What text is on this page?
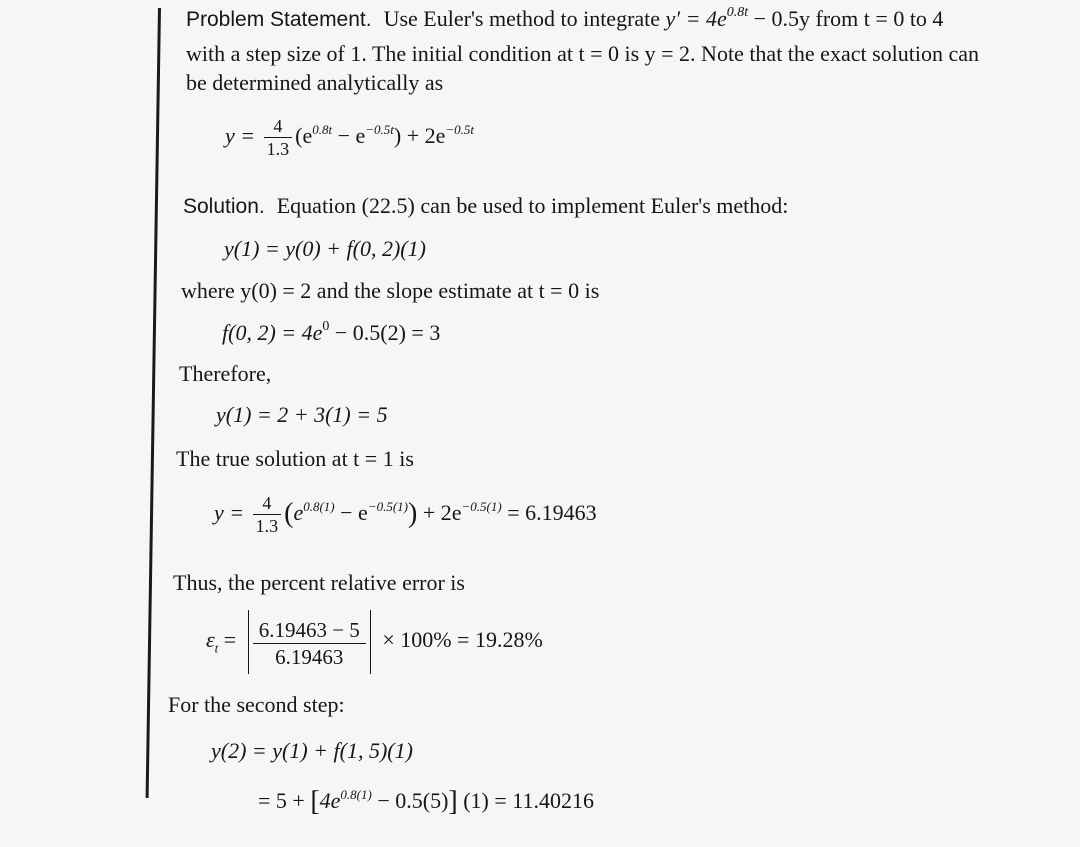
Problem Statement. Use Euler's method to integrate $y' = 4e^{0.8t} - 0.5y$ from t = 0 to 4
with a step size of 1. The initial condition at t = 0 is y = 2. Note that the exact solution can
be determined analytically as
$y = \frac{4}{1.3} (e^{0.8t} - e^{-0.5t}) + 2e^{-0.5t}$
Solution. Equation (22.5) can be used to implement Euler's method:
y(1) = y(0) + f(0, 2)(1)
where y(0) = 2 and the slope estimate at t = 0 is
f(0, $2) = 4e^0 - 0.5(2) = 3$
Therefore,
y(1) = 2 + 3(1) = 5
The true solution at t = 1 is
$y = \frac{4}{1.3} (e^{0.8(1)} - e^{-0.5(1)}) + 2e^{-0.5(1)} = 6.19463$
Thus, the percent relative error is
$\varepsilon_t = \frac{6.19463 - 5}{6.19463} \times 100\% = 19.28\%$
For the second step:
y(2) = y(1) + f(1, 5)(1)
= $5 + [4e^{0.8(1)} - 0.5(5)] (1) = 11.40216$
